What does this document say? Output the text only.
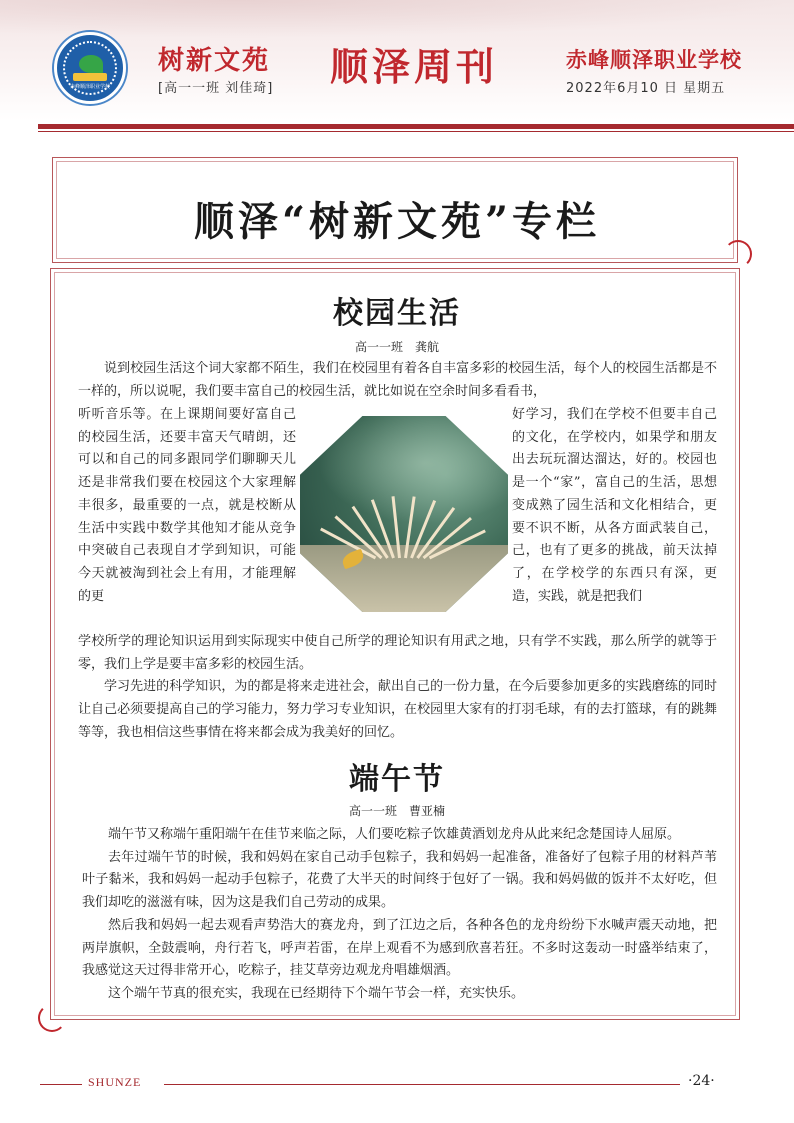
赤峰顺泽职业学校
树新文苑
[高一一班 刘佳琦] 顺泽周刊	赤峰顺泽职业学校
2022年6月10 日 星期五
顺泽“树新文苑”专栏
校园生活
高一一班　龚航

说到校园生活这个词大家都不陌生，我们在校园里有着各自丰富多彩的校园生活，每个人的校园生活都是不一样的，所以说呢，我们要丰富自己的校园生活，就比如说在空余时间多看看书，

听听音乐等。在上课期间要好富自己的校园生活，还要丰富天气晴朗，还可以和自己的同多跟同学们聊聊天儿还是非常我们要在校园这个大家理解丰很多，最重要的一点，就是校断从生活中实践中数学其他知才能从竞争中突破自己表现自才学到知识，可能今天就被淘到社会上有用，才能理解的更
好学习，我们在学校不但要丰自己的文化，在学校内，如果学和朋友出去玩玩溜达溜达，好的。校园也是一个“家”，富自己的生活，思想变成熟了园生活和文化相结合，更要不识不断，从各方面武装自己，己，也有了更多的挑战，前天汰掉了，在学校学的东西只有深，更造，实践，就是把我们

学校所学的理论知识运用到实际现实中使自己所学的理论知识有用武之地，只有学不实践，那么所学的就等于零，我们上学是要丰富多彩的校园生活。

学习先进的科学知识，为的都是将来走进社会，献出自己的一份力量，在今后要参加更多的实践磨练的同时让自己必须要提高自己的学习能力，努力学习专业知识，在校园里大家有的打羽毛球，有的去打篮球，有的跳舞等等，我也相信这些事情在将来都会成为我美好的回忆。

端午节
高一一班　曹亚楠

端午节又称端午重阳端午在佳节来临之际，人们要吃粽子饮雄黄酒划龙舟从此来纪念楚国诗人屈原。

去年过端午节的时候，我和妈妈在家自己动手包粽子，我和妈妈一起准备，准备好了包粽子用的材料芦苇叶子黏米，我和妈妈一起动手包粽子，花费了大半天的时间终于包好了一锅。我和妈妈做的饭并不太好吃，但我们却吃的滋滋有味，因为这是我们自己劳动的成果。

然后我和妈妈一起去观看声势浩大的赛龙舟，到了江边之后，各种各色的龙舟纷纷下水喊声震天动地，把两岸旗帜，全鼓震响，舟行若飞，呼声若雷，在岸上观看不为感到欣喜若狂。不多时这轰动一时盛举结束了，我感觉这天过得非常开心，吃粽子，挂艾草旁边观龙舟唱雄烟酒。

这个端午节真的很充实，我现在已经期待下个端午节会一样，充实快乐。

SHUNZE	·24·
